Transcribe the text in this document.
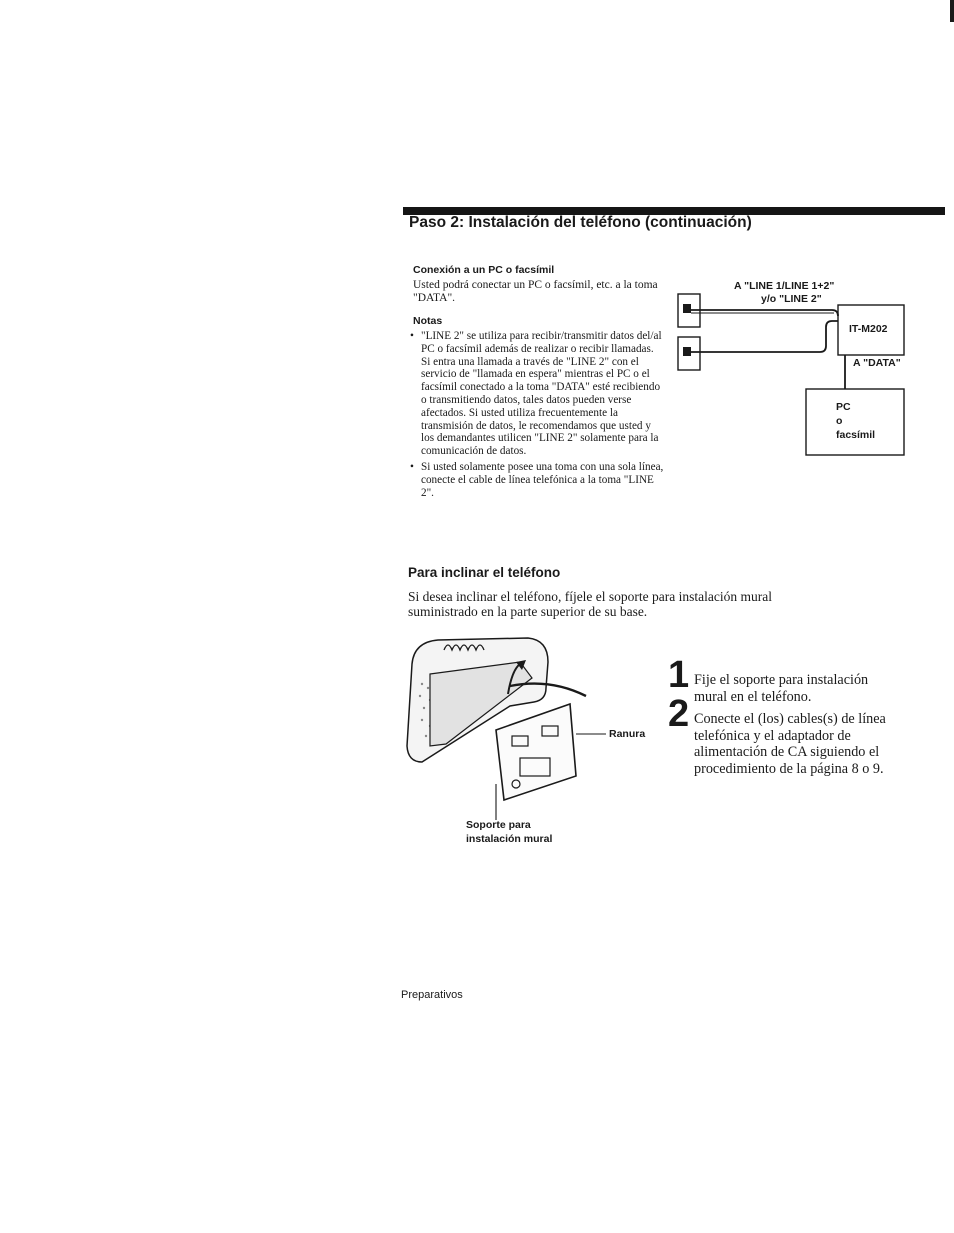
Paso 2: Instalación del teléfono (continuación)
Conexión a un PC o facsímil
Usted podrá conectar un PC o facsímil, etc. a la toma "DATA".
Notas
• "LINE 2" se utiliza para recibir/transmitir datos del/al PC o facsímil además de realizar o recibir llamadas. Si entra una llamada a través de "LINE 2" con el servicio de "llamada en espera" mientras el PC o el facsímil conectado a la toma "DATA" esté recibiendo o transmitiendo datos, tales datos pueden verse afectados. Si usted utiliza frecuentemente la transmisión de datos, le recomendamos que usted y los demandantes utilicen "LINE 2" solamente para la comunicación de datos.
• Si usted solamente posee una toma con una sola línea, conecte el cable de línea telefónica a la toma "LINE 2".
A "LINE 1/LINE 1+2"
y/o "LINE 2"
IT-M202
A "DATA"
PC
o
facsímil
Para inclinar el teléfono
Si desea inclinar el teléfono, fíjele el soporte para instalación mural suministrado en la parte superior de su base.
Ranura
Soporte para
instalación mural
1 Fije el soporte para instalación mural en el teléfono.
2 Conecte el (los) cables(s) de línea telefónica y el adaptador de alimentación de CA siguiendo el procedimiento de la página 8 o 9.
Preparativos
